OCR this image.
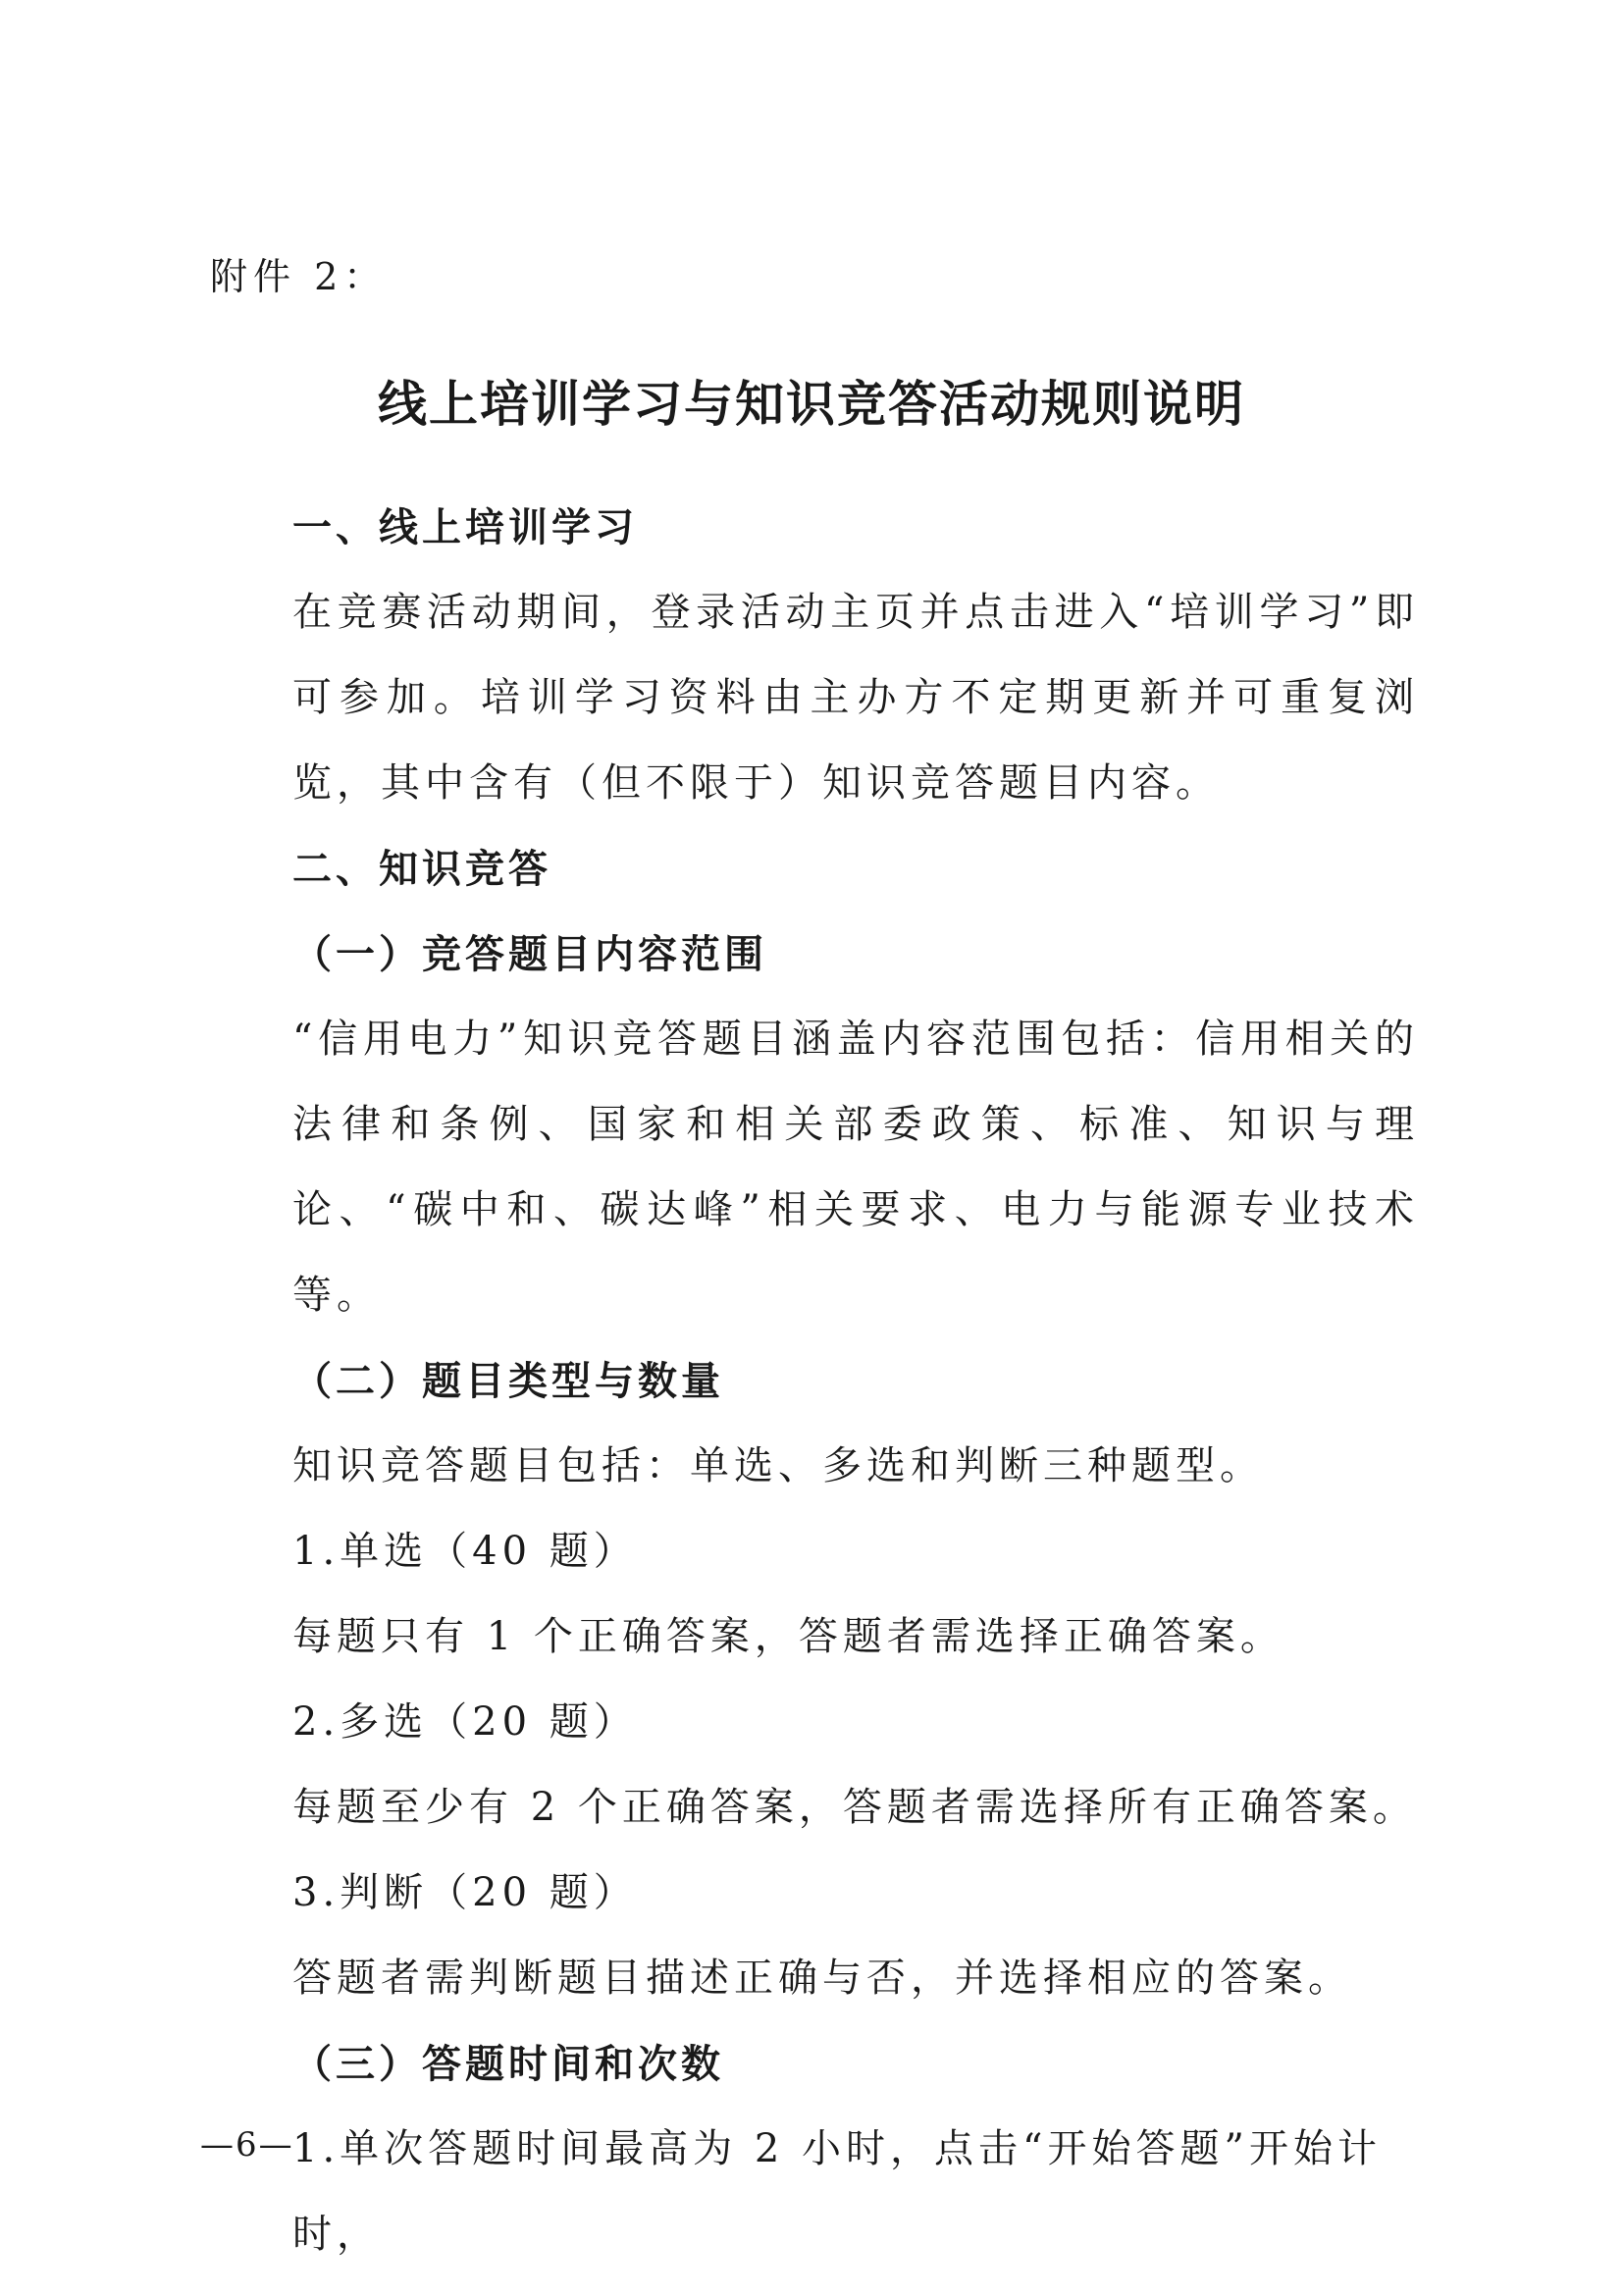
附件 2：
线上培训学习与知识竞答活动规则说明

一、线上培训学习

在竞赛活动期间，登录活动主页并点击进入“培训学习”即可参加。培训学习资料由主办方不定期更新并可重复浏览，其中含有（但不限于）知识竞答题目内容。

二、知识竞答

（一）竞答题目内容范围

“信用电力”知识竞答题目涵盖内容范围包括：信用相关的法律和条例、国家和相关部委政策、标准、知识与理论、“碳中和、碳达峰”相关要求、电力与能源专业技术等。

（二）题目类型与数量

知识竞答题目包括：单选、多选和判断三种题型。

1.单选（40 题）

每题只有 1 个正确答案，答题者需选择正确答案。

2.多选（20 题）

每题至少有 2 个正确答案，答题者需选择所有正确答案。

3.判断（20 题）

答题者需判断题目描述正确与否，并选择相应的答案。

（三）答题时间和次数

1.单次答题时间最高为 2 小时，点击“开始答题”开始计时，

—6—
